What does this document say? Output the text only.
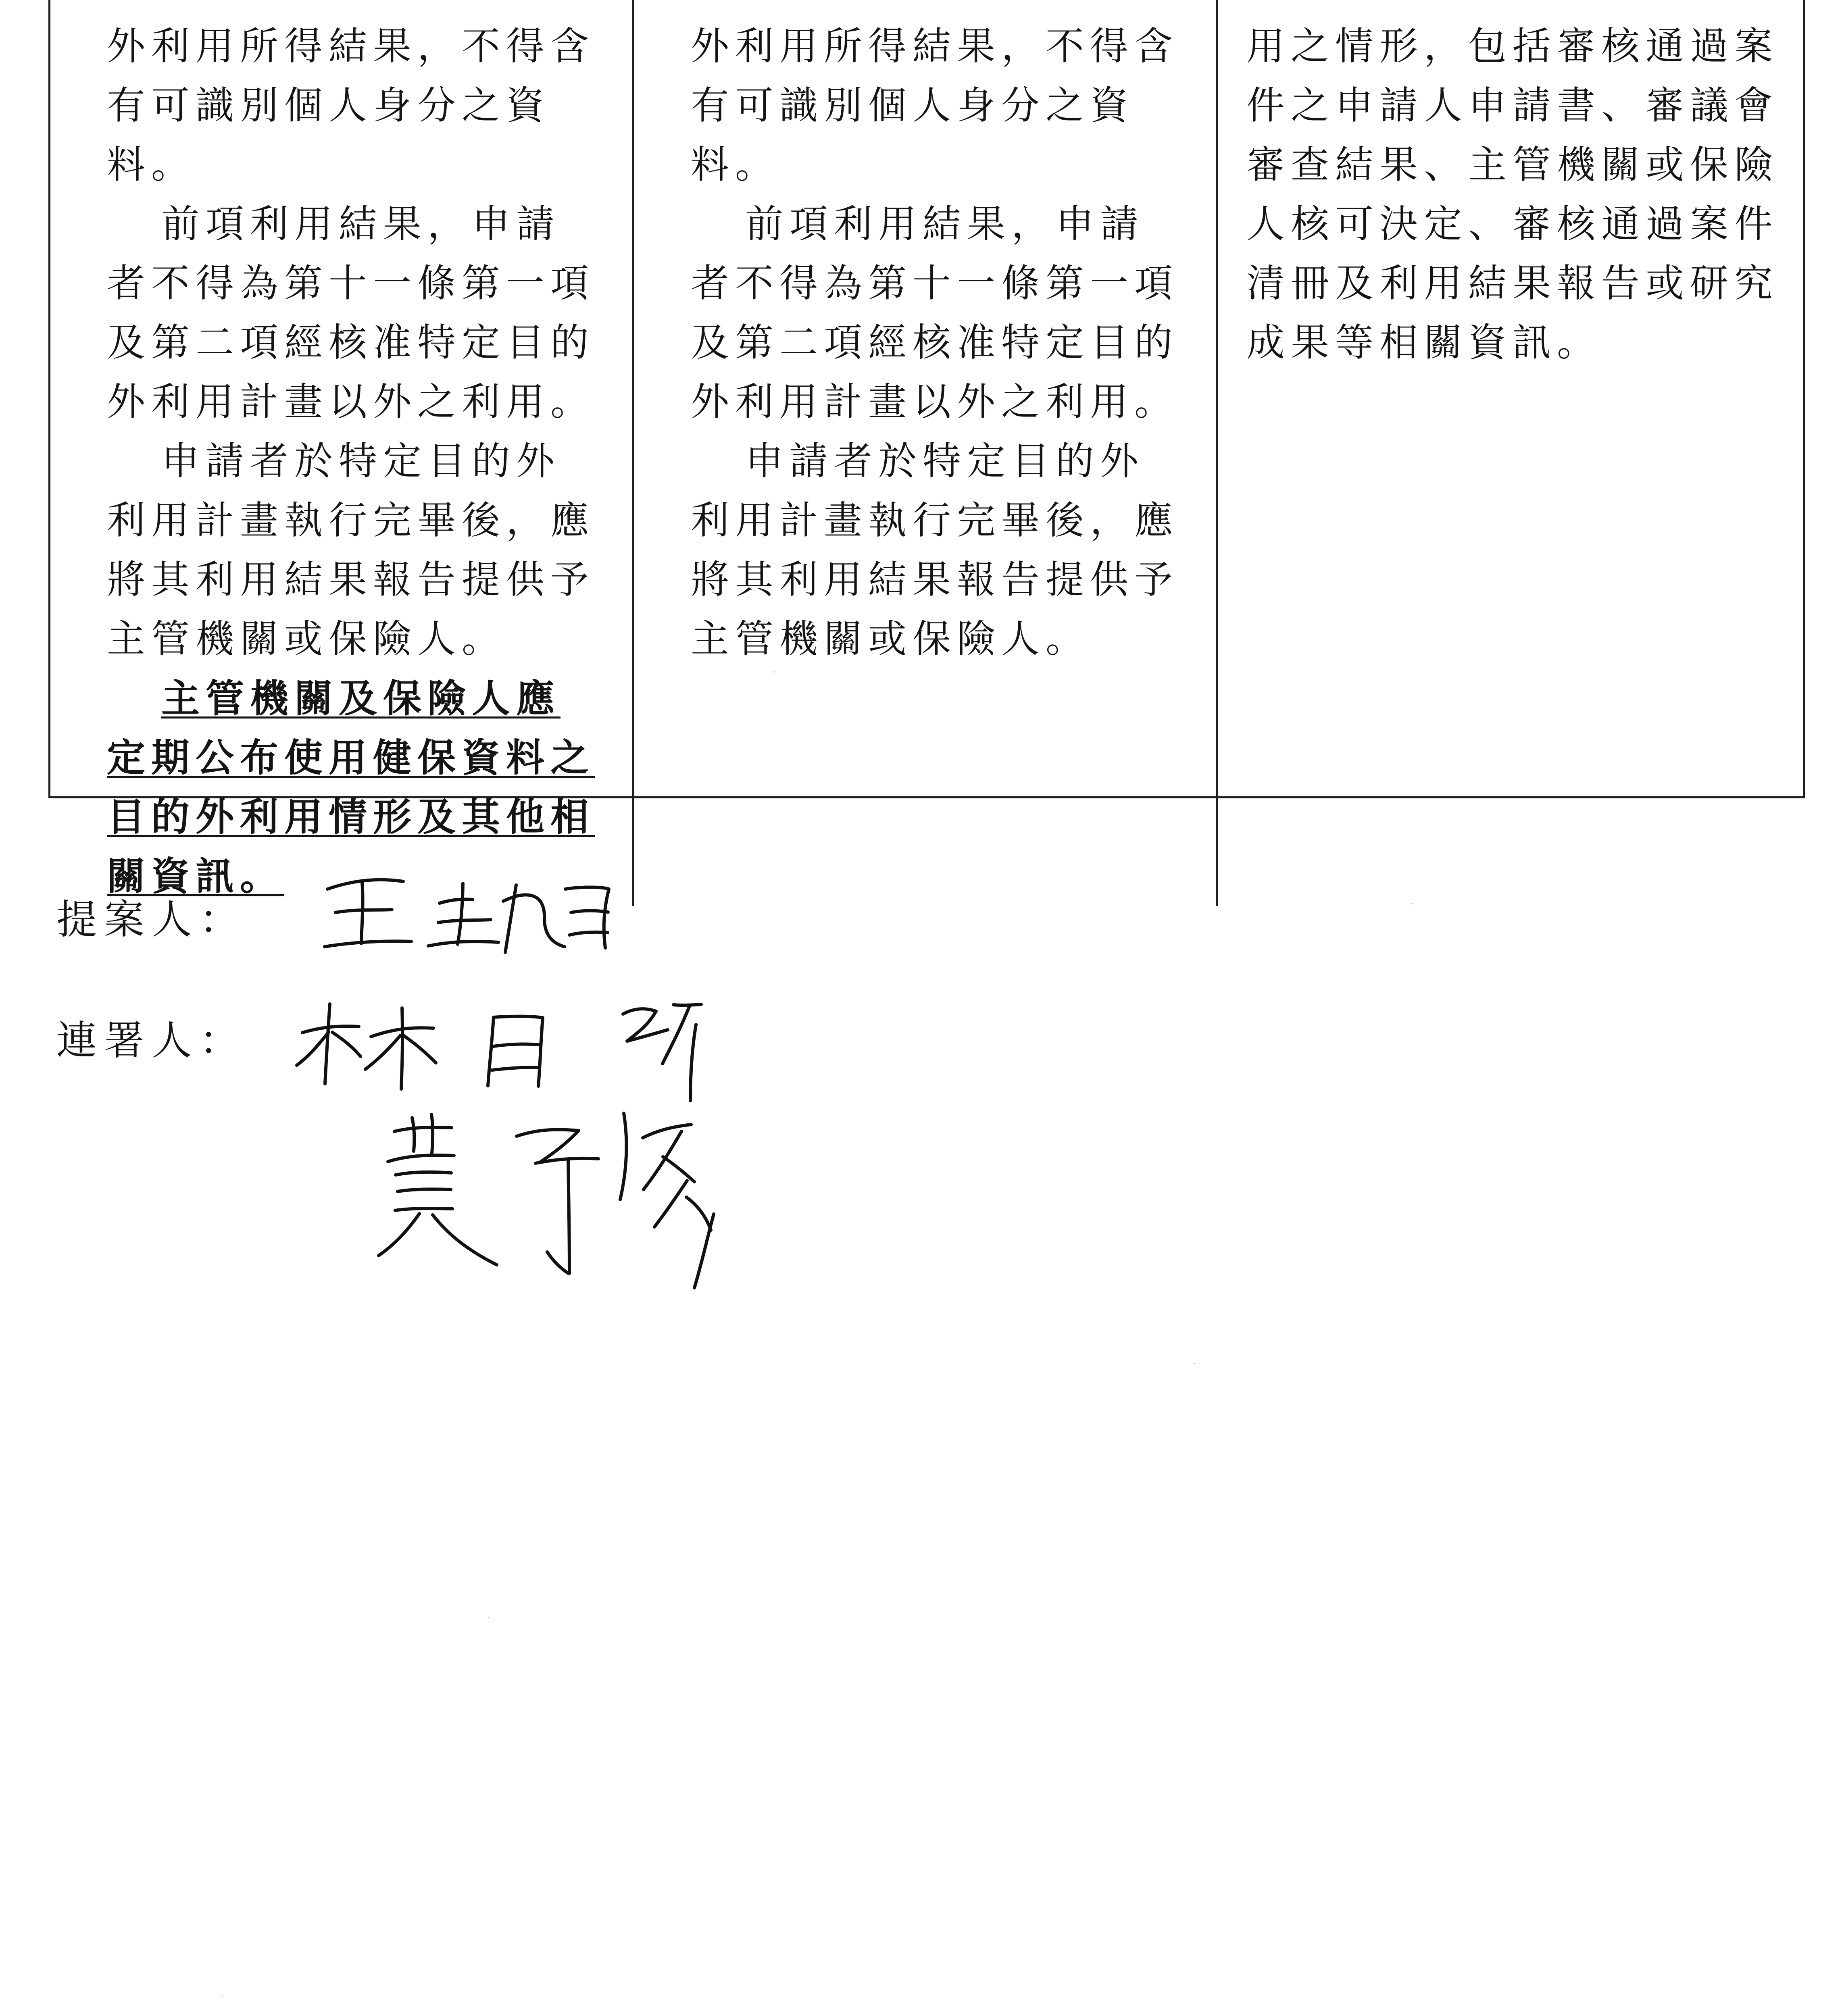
外利用所得結果，不得含有可識別個人身分之資料。

前項利用結果，申請者不得為第十一條第一項及第二項經核准特定目的外利用計畫以外之利用。

申請者於特定目的外利用計畫執行完畢後，應將其利用結果報告提供予主管機關或保險人。

主管機關及保險人應定期公布使用健保資料之目的外利用情形及其他相關資訊。

外利用所得結果，不得含有可識別個人身分之資料。

前項利用結果，申請者不得為第十一條第一項及第二項經核准特定目的外利用計畫以外之利用。

申請者於特定目的外利用計畫執行完畢後，應將其利用結果報告提供予主管機關或保險人。

用之情形，包括審核通過案件之申請人申請書、審議會審查結果、主管機關或保險人核可決定、審核通過案件清冊及利用結果報告或研究成果等相關資訊。

提案人：
連署人：
